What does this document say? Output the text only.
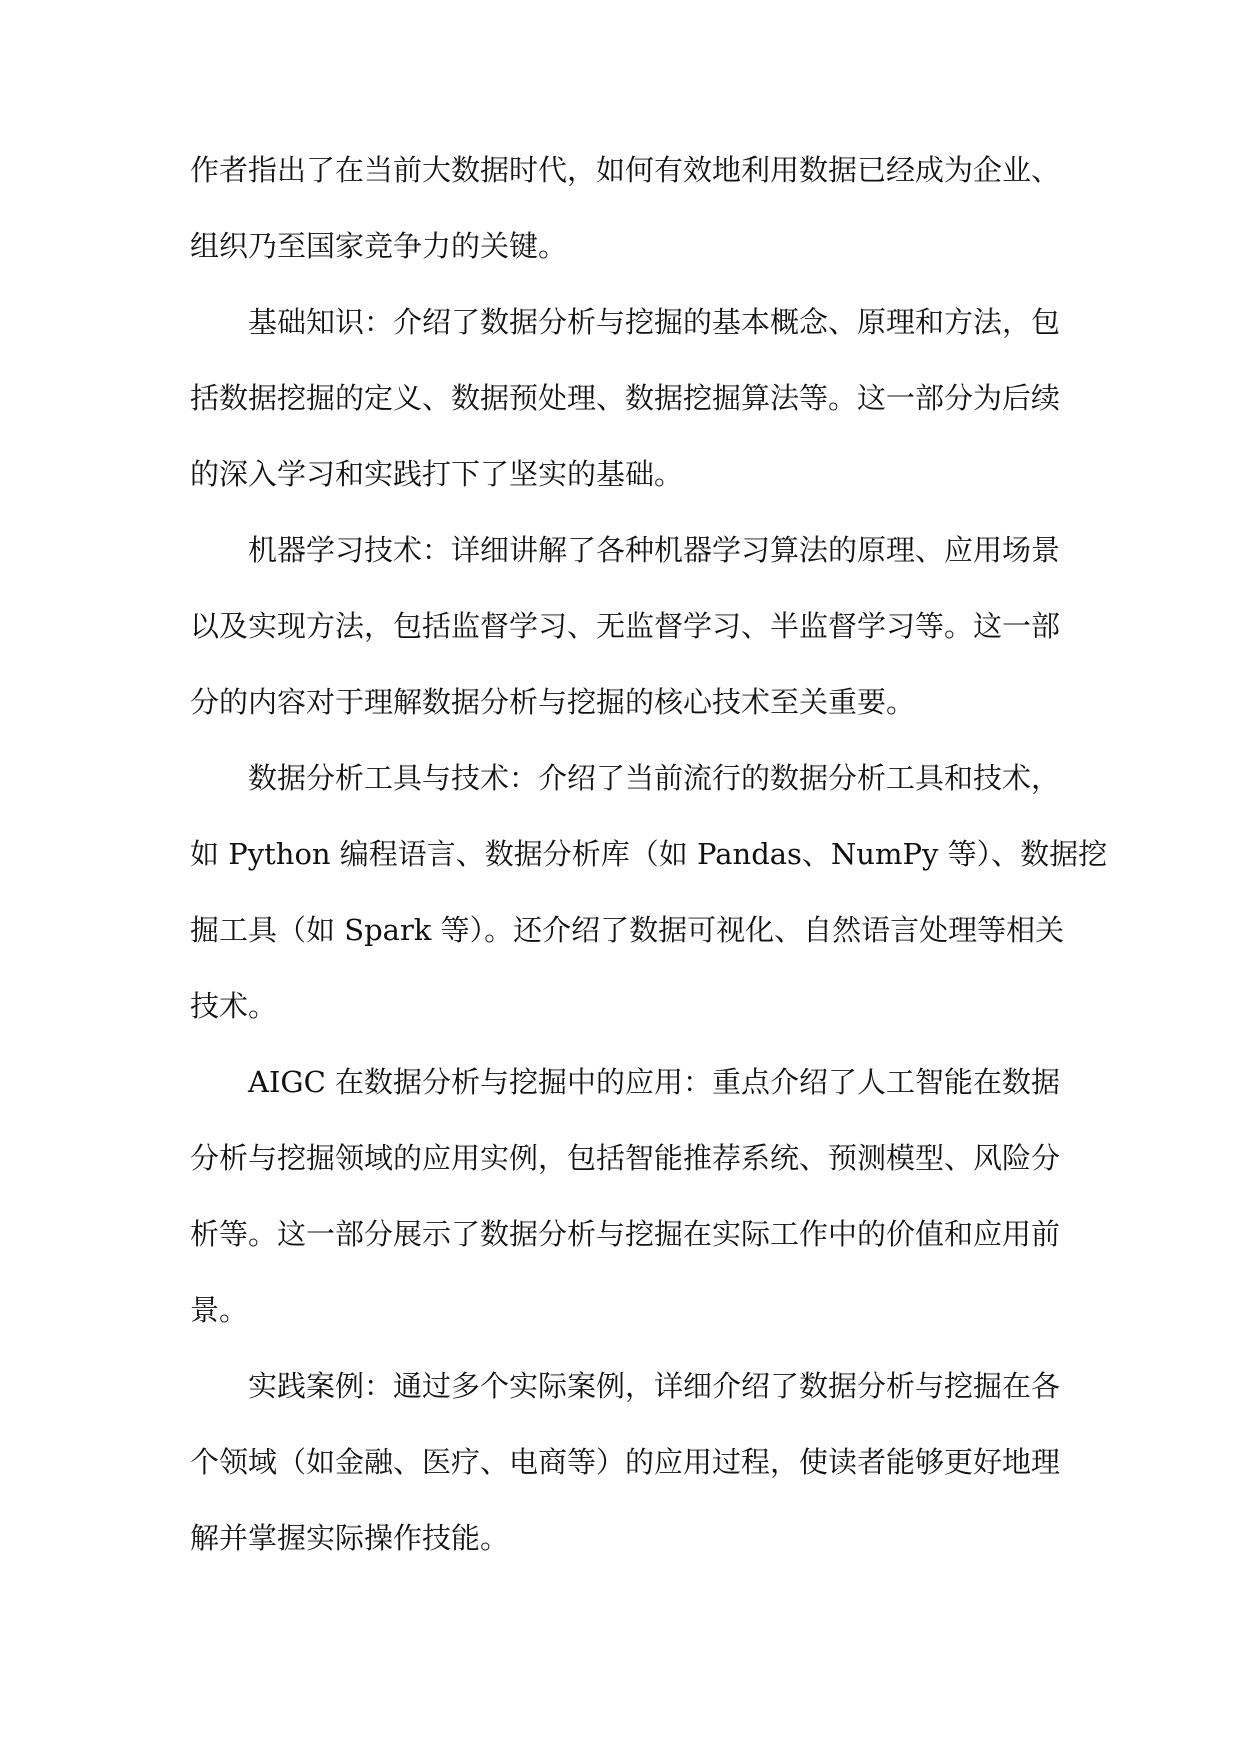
作者指出了在当前大数据时代，如何有效地利用数据已经成为企业、

组织乃至国家竞争力的关键。

基础知识：介绍了数据分析与挖掘的基本概念、原理和方法，包

括数据挖掘的定义、数据预处理、数据挖掘算法等。这一部分为后续

的深入学习和实践打下了坚实的基础。

机器学习技术：详细讲解了各种机器学习算法的原理、应用场景

以及实现方法，包括监督学习、无监督学习、半监督学习等。这一部

分的内容对于理解数据分析与挖掘的核心技术至关重要。

数据分析工具与技术：介绍了当前流行的数据分析工具和技术，

如 Python 编程语言、数据分析库（如 Pandas、NumPy 等）、数据挖

掘工具（如 Spark 等）。还介绍了数据可视化、自然语言处理等相关

技术。

AIGC 在数据分析与挖掘中的应用：重点介绍了人工智能在数据

分析与挖掘领域的应用实例，包括智能推荐系统、预测模型、风险分

析等。这一部分展示了数据分析与挖掘在实际工作中的价值和应用前

景。

实践案例：通过多个实际案例，详细介绍了数据分析与挖掘在各

个领域（如金融、医疗、电商等）的应用过程，使读者能够更好地理

解并掌握实际操作技能。
